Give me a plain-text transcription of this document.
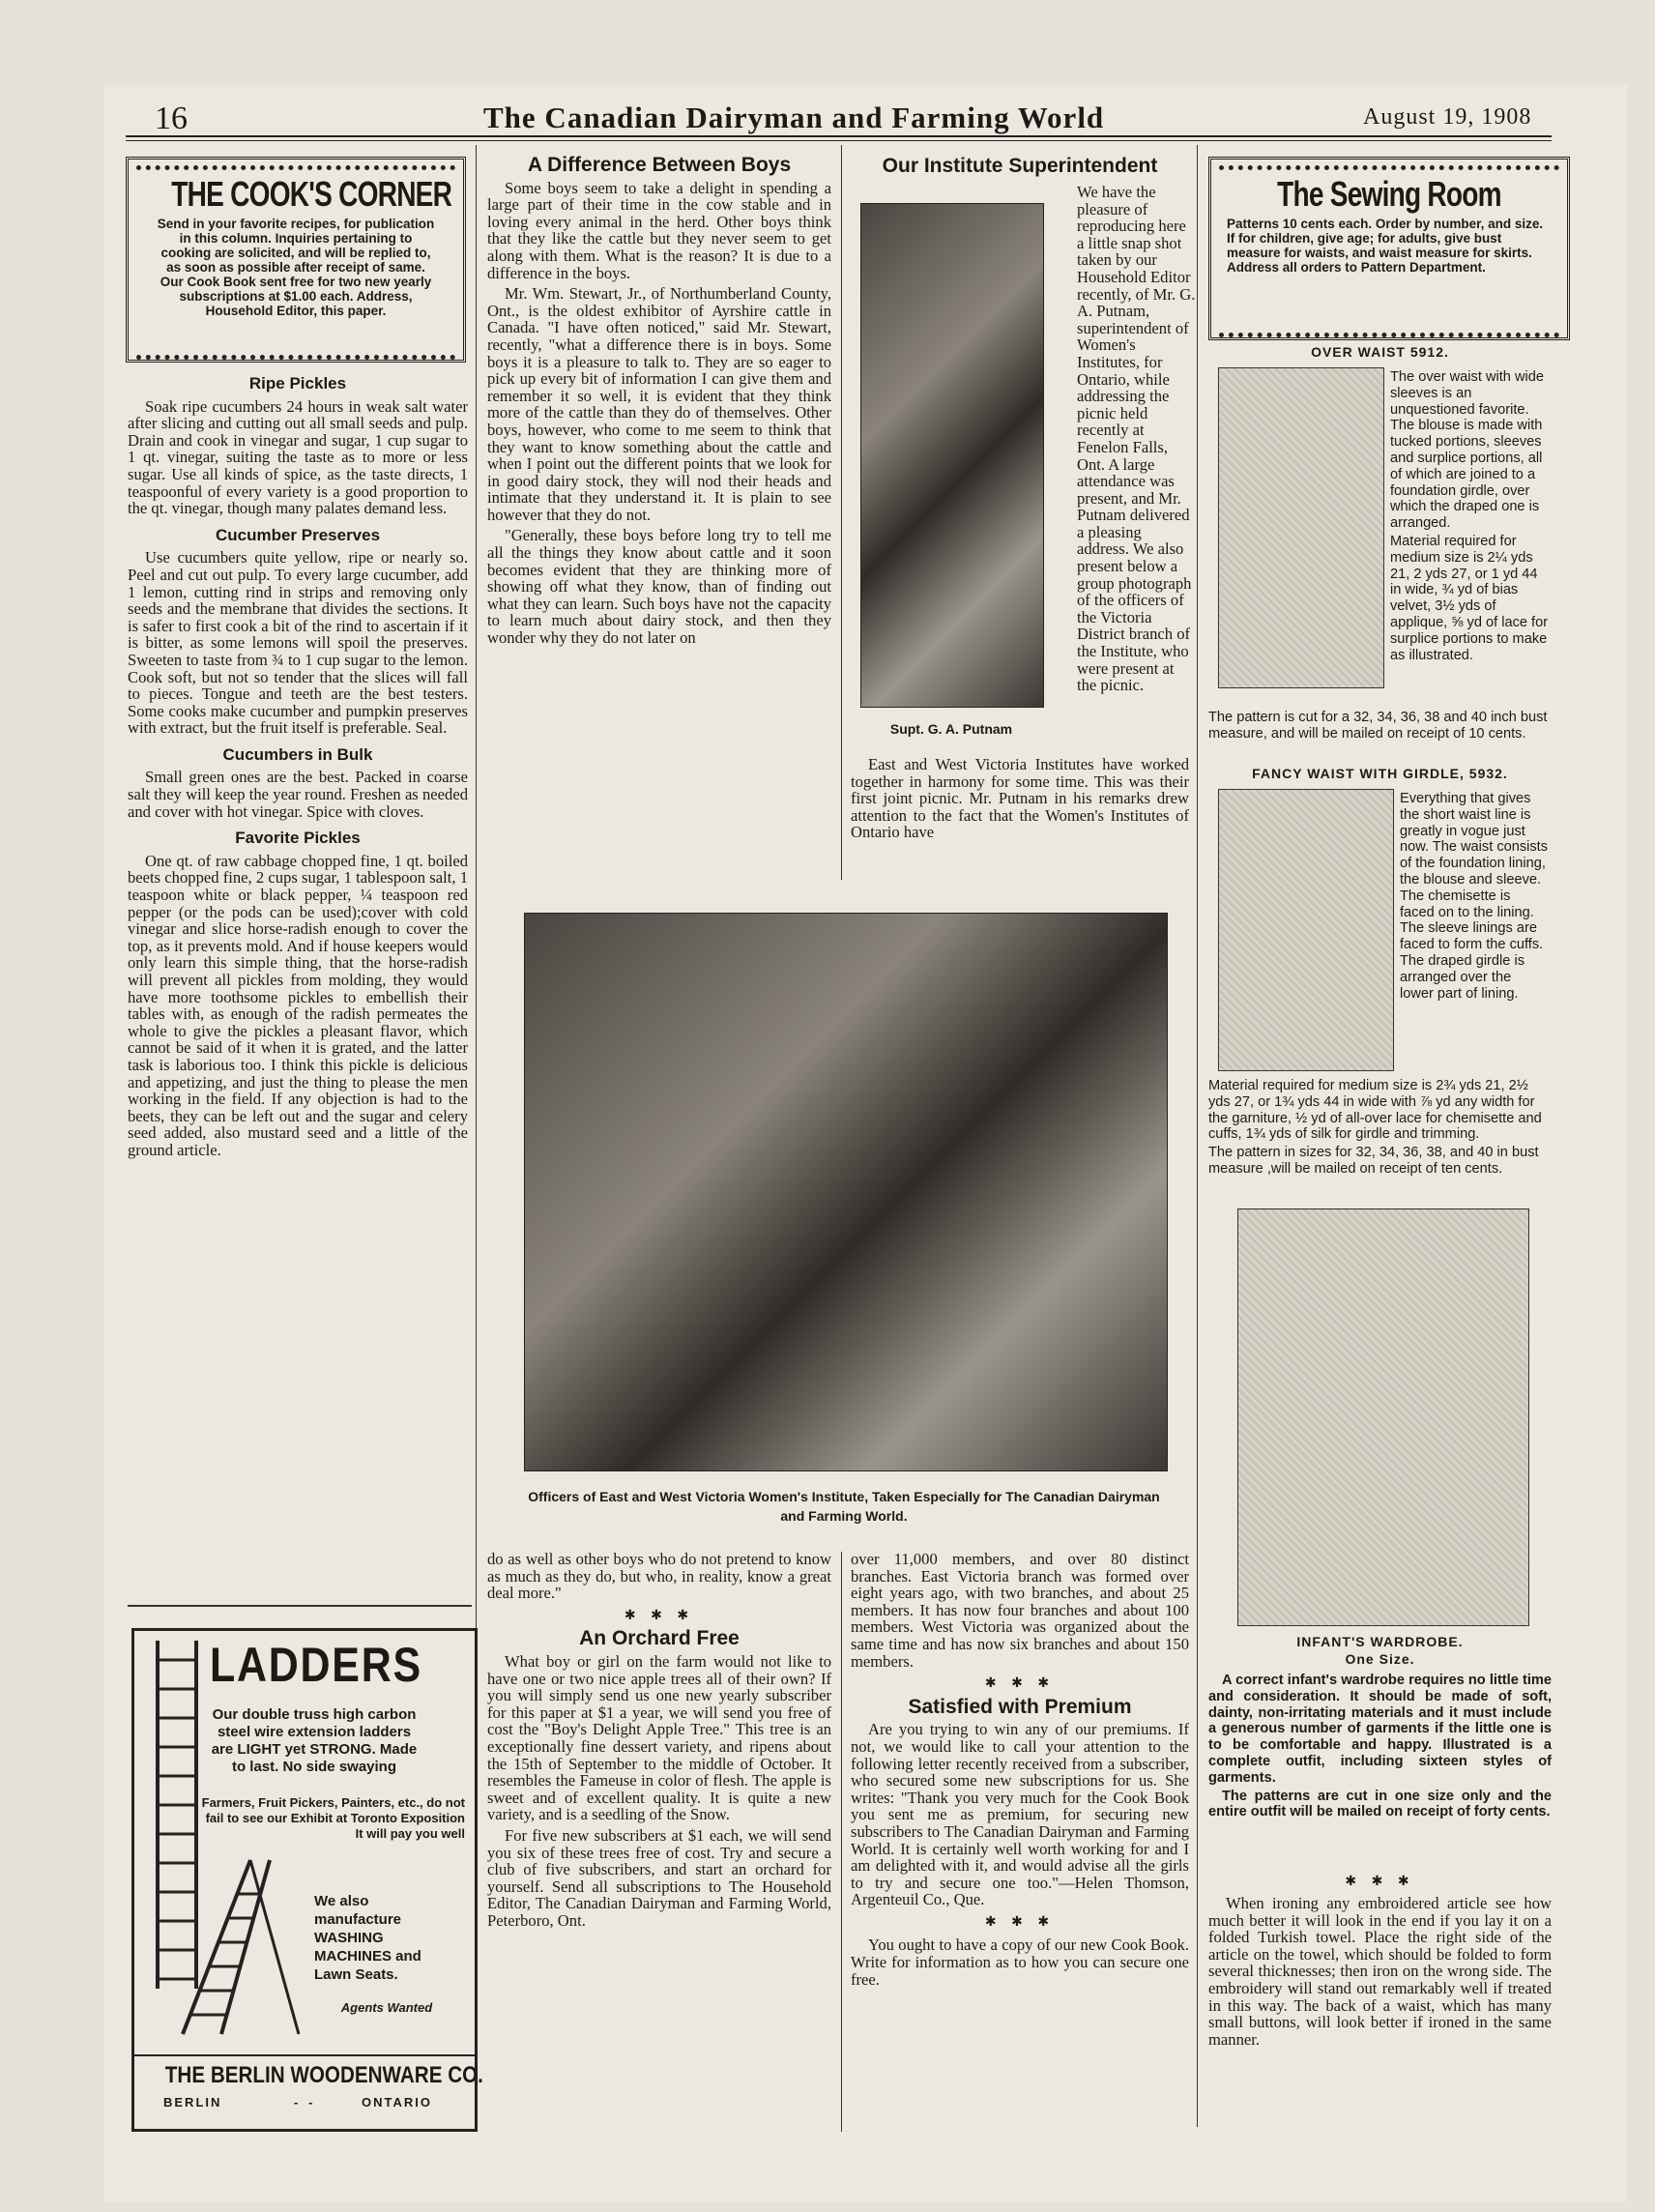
16	The Canadian Dairyman and Farming World	August 19, 1908
THE COOK'S CORNER
Send in your favorite recipes, for publication in this column. Inquiries pertaining to cooking are solicited, and will be replied to, as soon as possible after receipt of same. Our Cook Book sent free for two new yearly subscriptions at $1.00 each. Address, Household Editor, this paper.
Ripe Pickles

Soak ripe cucumbers 24 hours in weak salt water after slicing and cutting out all small seeds and pulp. Drain and cook in vinegar and sugar, 1 cup sugar to 1 qt. vinegar, suiting the taste as to more or less sugar. Use all kinds of spice, as the taste directs, 1 teaspoonful of every variety is a good proportion to the qt. vinegar, though many palates demand less.

Cucumber Preserves

Use cucumbers quite yellow, ripe or nearly so. Peel and cut out pulp. To every large cucumber, add 1 lemon, cutting rind in strips and removing only seeds and the membrane that divides the sections. It is safer to first cook a bit of the rind to ascertain if it is bitter, as some lemons will spoil the preserves. Sweeten to taste from ¾ to 1 cup sugar to the lemon. Cook soft, but not so tender that the slices will fall to pieces. Tongue and teeth are the best testers. Some cooks make cucumber and pumpkin preserves with extract, but the fruit itself is preferable. Seal.

Cucumbers in Bulk

Small green ones are the best. Packed in coarse salt they will keep the year round. Freshen as needed and cover with hot vinegar. Spice with cloves.

Favorite Pickles

One qt. of raw cabbage chopped fine, 1 qt. boiled beets chopped fine, 2 cups sugar, 1 tablespoon salt, 1 teaspoon white or black pepper, ¼ teaspoon red pepper (or the pods can be used);cover with cold vinegar and slice horse-radish enough to cover the top, as it prevents mold. And if house keepers would only learn this simple thing, that the horse-radish will prevent all pickles from molding, they would have more toothsome pickles to embellish their tables with, as enough of the radish permeates the whole to give the pickles a pleasant flavor, which cannot be said of it when it is grated, and the latter task is laborious too. I think this pickle is delicious and appetizing, and just the thing to please the men working in the field. If any objection is had to the beets, they can be left out and the sugar and celery seed added, also mustard seed and a little of the ground article.

LADDERS
Our double truss high carbon steel wire extension ladders are LIGHT yet STRONG. Made to last. No side swaying
Farmers, Fruit Pickers, Painters, etc., do not fail to see our Exhibit at Toronto Exposition It will pay you well
We also manufacture WASHING MACHINES and Lawn Seats.
Agents Wanted
THE BERLIN WOODENWARE CO.
BERLIN	-   -	ONTARIO
A Difference Between Boys

Some boys seem to take a delight in spending a large part of their time in the cow stable and in loving every animal in the herd. Other boys think that they like the cattle but they never seem to get along with them. What is the reason? It is due to a difference in the boys.

Mr. Wm. Stewart, Jr., of Northumberland County, Ont., is the oldest exhibitor of Ayrshire cattle in Canada. "I have often noticed," said Mr. Stewart, recently, "what a difference there is in boys. Some boys it is a pleasure to talk to. They are so eager to pick up every bit of information I can give them and remember it so well, it is evident that they think more of the cattle than they do of themselves. Other boys, however, who come to me seem to think that they want to know something about the cattle and when I point out the different points that we look for in good dairy stock, they will nod their heads and intimate that they understand it. It is plain to see however that they do not.

"Generally, these boys before long try to tell me all the things they know about cattle and it soon becomes evident that they are thinking more of showing off what they know, than of finding out what they can learn. Such boys have not the capacity to learn much about dairy stock, and then they wonder why they do not later on

Our Institute Superintendent
Supt. G. A. Putnam

We have the pleasure of reproducing here a little snap shot taken by our Household Editor recently, of Mr. G. A. Putnam, superintendent of Women's Institutes, for Ontario, while addressing the picnic held recently at Fenelon Falls, Ont. A large attendance was present, and Mr. Putnam delivered a pleasing address. We also present below a group photograph of the officers of the Victoria District branch of the Institute, who were present at the picnic.

East and West Victoria Institutes have worked together in harmony for some time. This was their first joint picnic. Mr. Putnam in his remarks drew attention to the fact that the Women's Institutes of Ontario have

Officers of East and West Victoria Women's Institute, Taken Especially for The Canadian Dairyman and Farming World.

do as well as other boys who do not pretend to know as much as they do, but who, in reality, know a great deal more."

✱ ✱ ✱
An Orchard Free

What boy or girl on the farm would not like to have one or two nice apple trees all of their own? If you will simply send us one new yearly subscriber for this paper at $1 a year, we will send you free of cost the "Boy's Delight Apple Tree." This tree is an exceptionally fine dessert variety, and ripens about the 15th of September to the middle of October. It resembles the Fameuse in color of flesh. The apple is sweet and of excellent quality. It is quite a new variety, and is a seedling of the Snow.

For five new subscribers at $1 each, we will send you six of these trees free of cost. Try and secure a club of five subscribers, and start an orchard for yourself. Send all subscriptions to The Household Editor, The Canadian Dairyman and Farming World, Peterboro, Ont.

over 11,000 members, and over 80 distinct branches. East Victoria branch was formed over eight years ago, with two branches, and about 25 members. It has now four branches and about 100 members. West Victoria was organized about the same time and has now six branches and about 150 members.

✱ ✱ ✱
Satisfied with Premium

Are you trying to win any of our premiums. If not, we would like to call your attention to the following letter recently received from a subscriber, who secured some new subscriptions for us. She writes: "Thank you very much for the Cook Book you sent me as premium, for securing new subscribers to The Canadian Dairyman and Farming World. It is certainly well worth working for and I am delighted with it, and would advise all the girls to try and secure one too."—Helen Thomson, Argenteuil Co., Que.

✱ ✱ ✱

You ought to have a copy of our new Cook Book. Write for information as to how you can secure one free.

The Sewing Room
Patterns 10 cents each. Order by number, and size. If for children, give age; for adults, give bust measure for waists, and waist measure for skirts. Address all orders to Pattern Department.
OVER WAIST 5912.
The over waist with wide sleeves is an unquestioned favorite. The blouse is made with tucked portions, sleeves and surplice portions, all of which are joined to a foundation girdle, over which the draped one is arranged.
Material required for medium size is 2¼ yds 21, 2 yds 27, or 1 yd 44 in wide, ¾ yd of bias velvet, 3½ yds of applique, ⅝ yd of lace for surplice portions to make as illustrated.
The pattern is cut for a 32, 34, 36, 38 and 40 inch bust measure, and will be mailed on receipt of 10 cents.
FANCY WAIST WITH GIRDLE, 5932.
Everything that gives the short waist line is greatly in vogue just now. The waist consists of the foundation lining, the blouse and sleeve. The chemisette is faced on to the lining. The sleeve linings are faced to form the cuffs. The draped girdle is arranged over the lower part of lining.
Material required for medium size is 2¾ yds 21, 2½ yds 27, or 1¾ yds 44 in wide with ⅞ yd any width for the garniture, ½ yd of all-over lace for chemisette and cuffs, 1¾ yds of silk for girdle and trimming.
The pattern in sizes for 32, 34, 36, 38, and 40 in bust measure ,will be mailed on receipt of ten cents.
INFANT'S WARDROBE.
One Size.
A correct infant's wardrobe requires no little time and consideration. It should be made of soft, dainty, non-irritating materials and it must include a generous number of garments if the little one is to be comfortable and happy. Illustrated is a complete outfit, including sixteen styles of garments.
The patterns are cut in one size only and the entire outfit will be mailed on receipt of forty cents.
✱ ✱ ✱

When ironing any embroidered article see how much better it will look in the end if you lay it on a folded Turkish towel. Place the right side of the article on the towel, which should be folded to form several thicknesses; then iron on the wrong side. The embroidery will stand out remarkably well if treated in this way. The back of a waist, which has many small buttons, will look better if ironed in the same manner.
